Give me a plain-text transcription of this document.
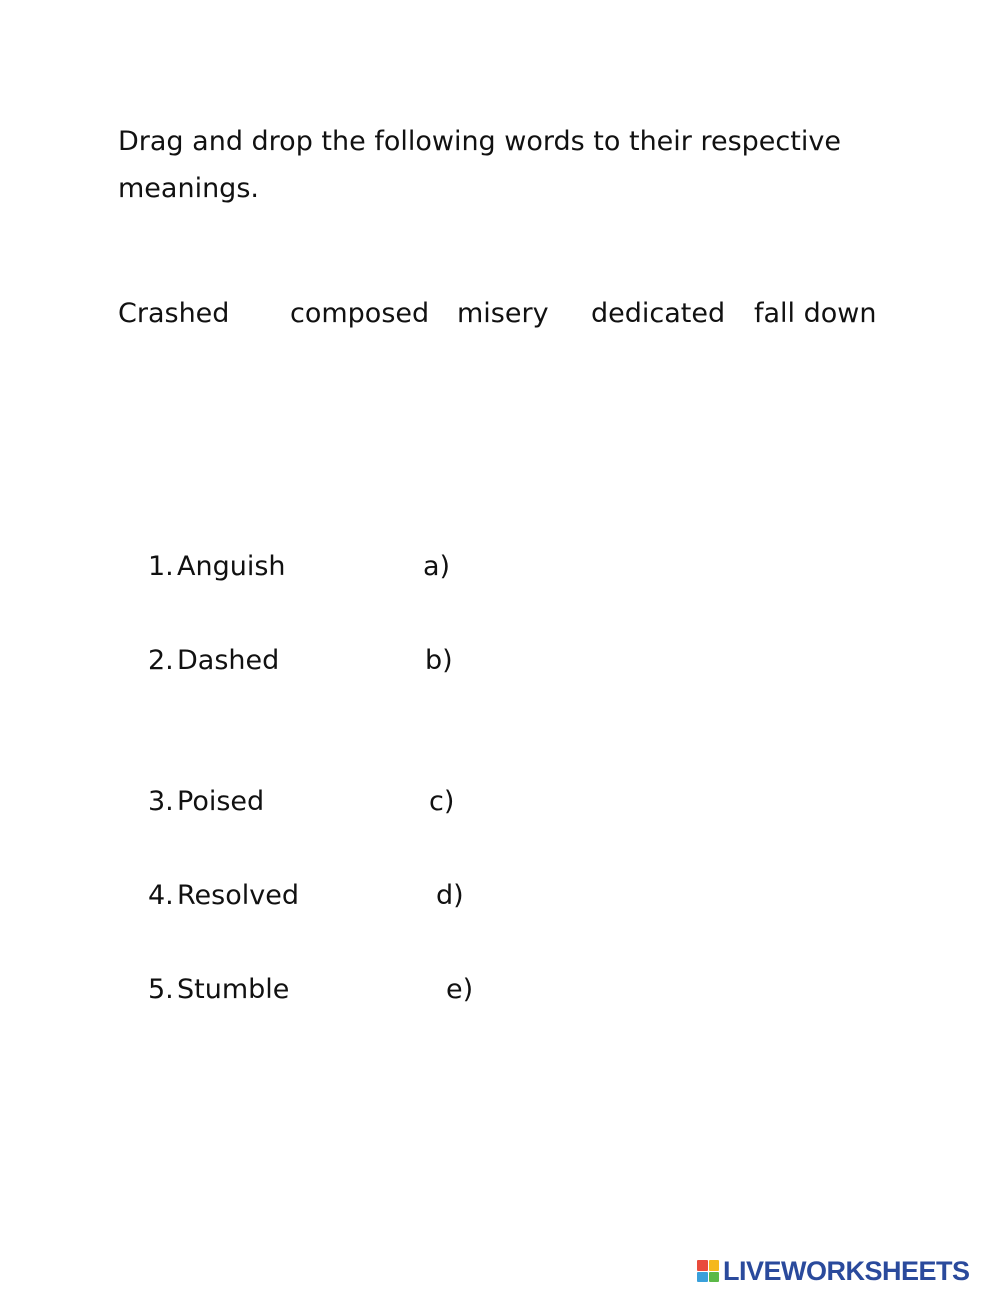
Drag and drop the following words to their respective meanings.

Crashed composed misery dedicated fall down
1. Anguish	a)
2. Dashed	b)
3. Poised	c)
4. Resolved	d)
5. Stumble	e)
LIVEWORKSHEETS
